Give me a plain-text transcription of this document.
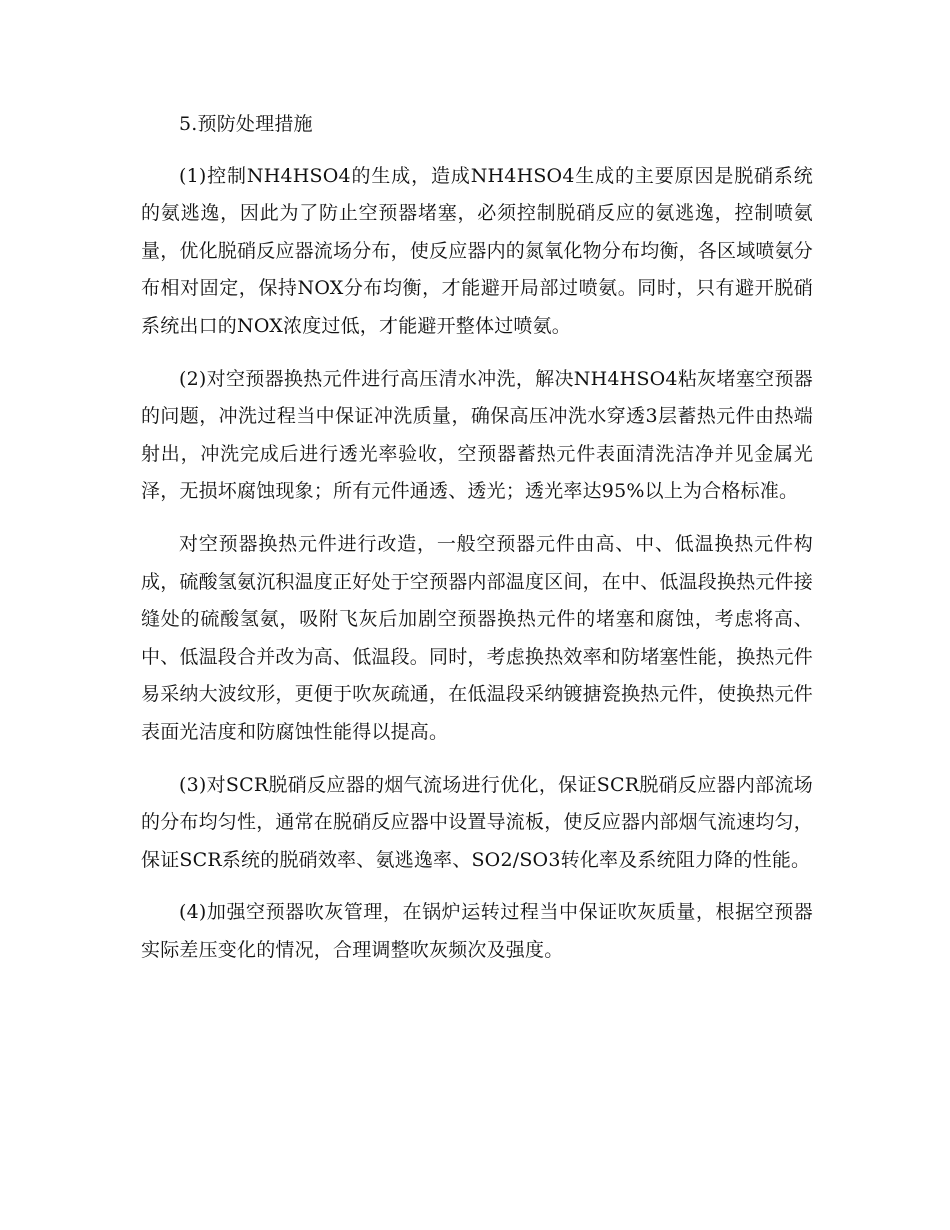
5.预防处理措施

(1)控制NH4HSO4的生成，造成NH4HSO4生成的主要原因是脱硝系统的氨逃逸，因此为了防止空预器堵塞，必须控制脱硝反应的氨逃逸，控制喷氨量，优化脱硝反应器流场分布，使反应器内的氮氧化物分布均衡，各区域喷氨分布相对固定，保持NOX分布均衡，才能避开局部过喷氨。同时，只有避开脱硝系统出口的NOX浓度过低，才能避开整体过喷氨。

(2)对空预器换热元件进行高压清水冲洗，解决NH4HSO4粘灰堵塞空预器的问题，冲洗过程当中保证冲洗质量，确保高压冲洗水穿透3层蓄热元件由热端射出，冲洗完成后进行透光率验收，空预器蓄热元件表面清洗洁净并见金属光泽，无损坏腐蚀现象；所有元件通透、透光；透光率达95%以上为合格标准。

对空预器换热元件进行改造，一般空预器元件由高、中、低温换热元件构成，硫酸氢氨沉积温度正好处于空预器内部温度区间，在中、低温段换热元件接缝处的硫酸氢氨，吸附飞灰后加剧空预器换热元件的堵塞和腐蚀，考虑将高、中、低温段合并改为高、低温段。同时，考虑换热效率和防堵塞性能，换热元件易采纳大波纹形，更便于吹灰疏通，在低温段采纳镀搪瓷换热元件，使换热元件表面光洁度和防腐蚀性能得以提高。

(3)对SCR脱硝反应器的烟气流场进行优化，保证SCR脱硝反应器内部流场的分布均匀性，通常在脱硝反应器中设置导流板，使反应器内部烟气流速均匀，保证SCR系统的脱硝效率、氨逃逸率、SO2/SO3转化率及系统阻力降的性能。

(4)加强空预器吹灰管理，在锅炉运转过程当中保证吹灰质量，根据空预器实际差压变化的情况，合理调整吹灰频次及强度。
